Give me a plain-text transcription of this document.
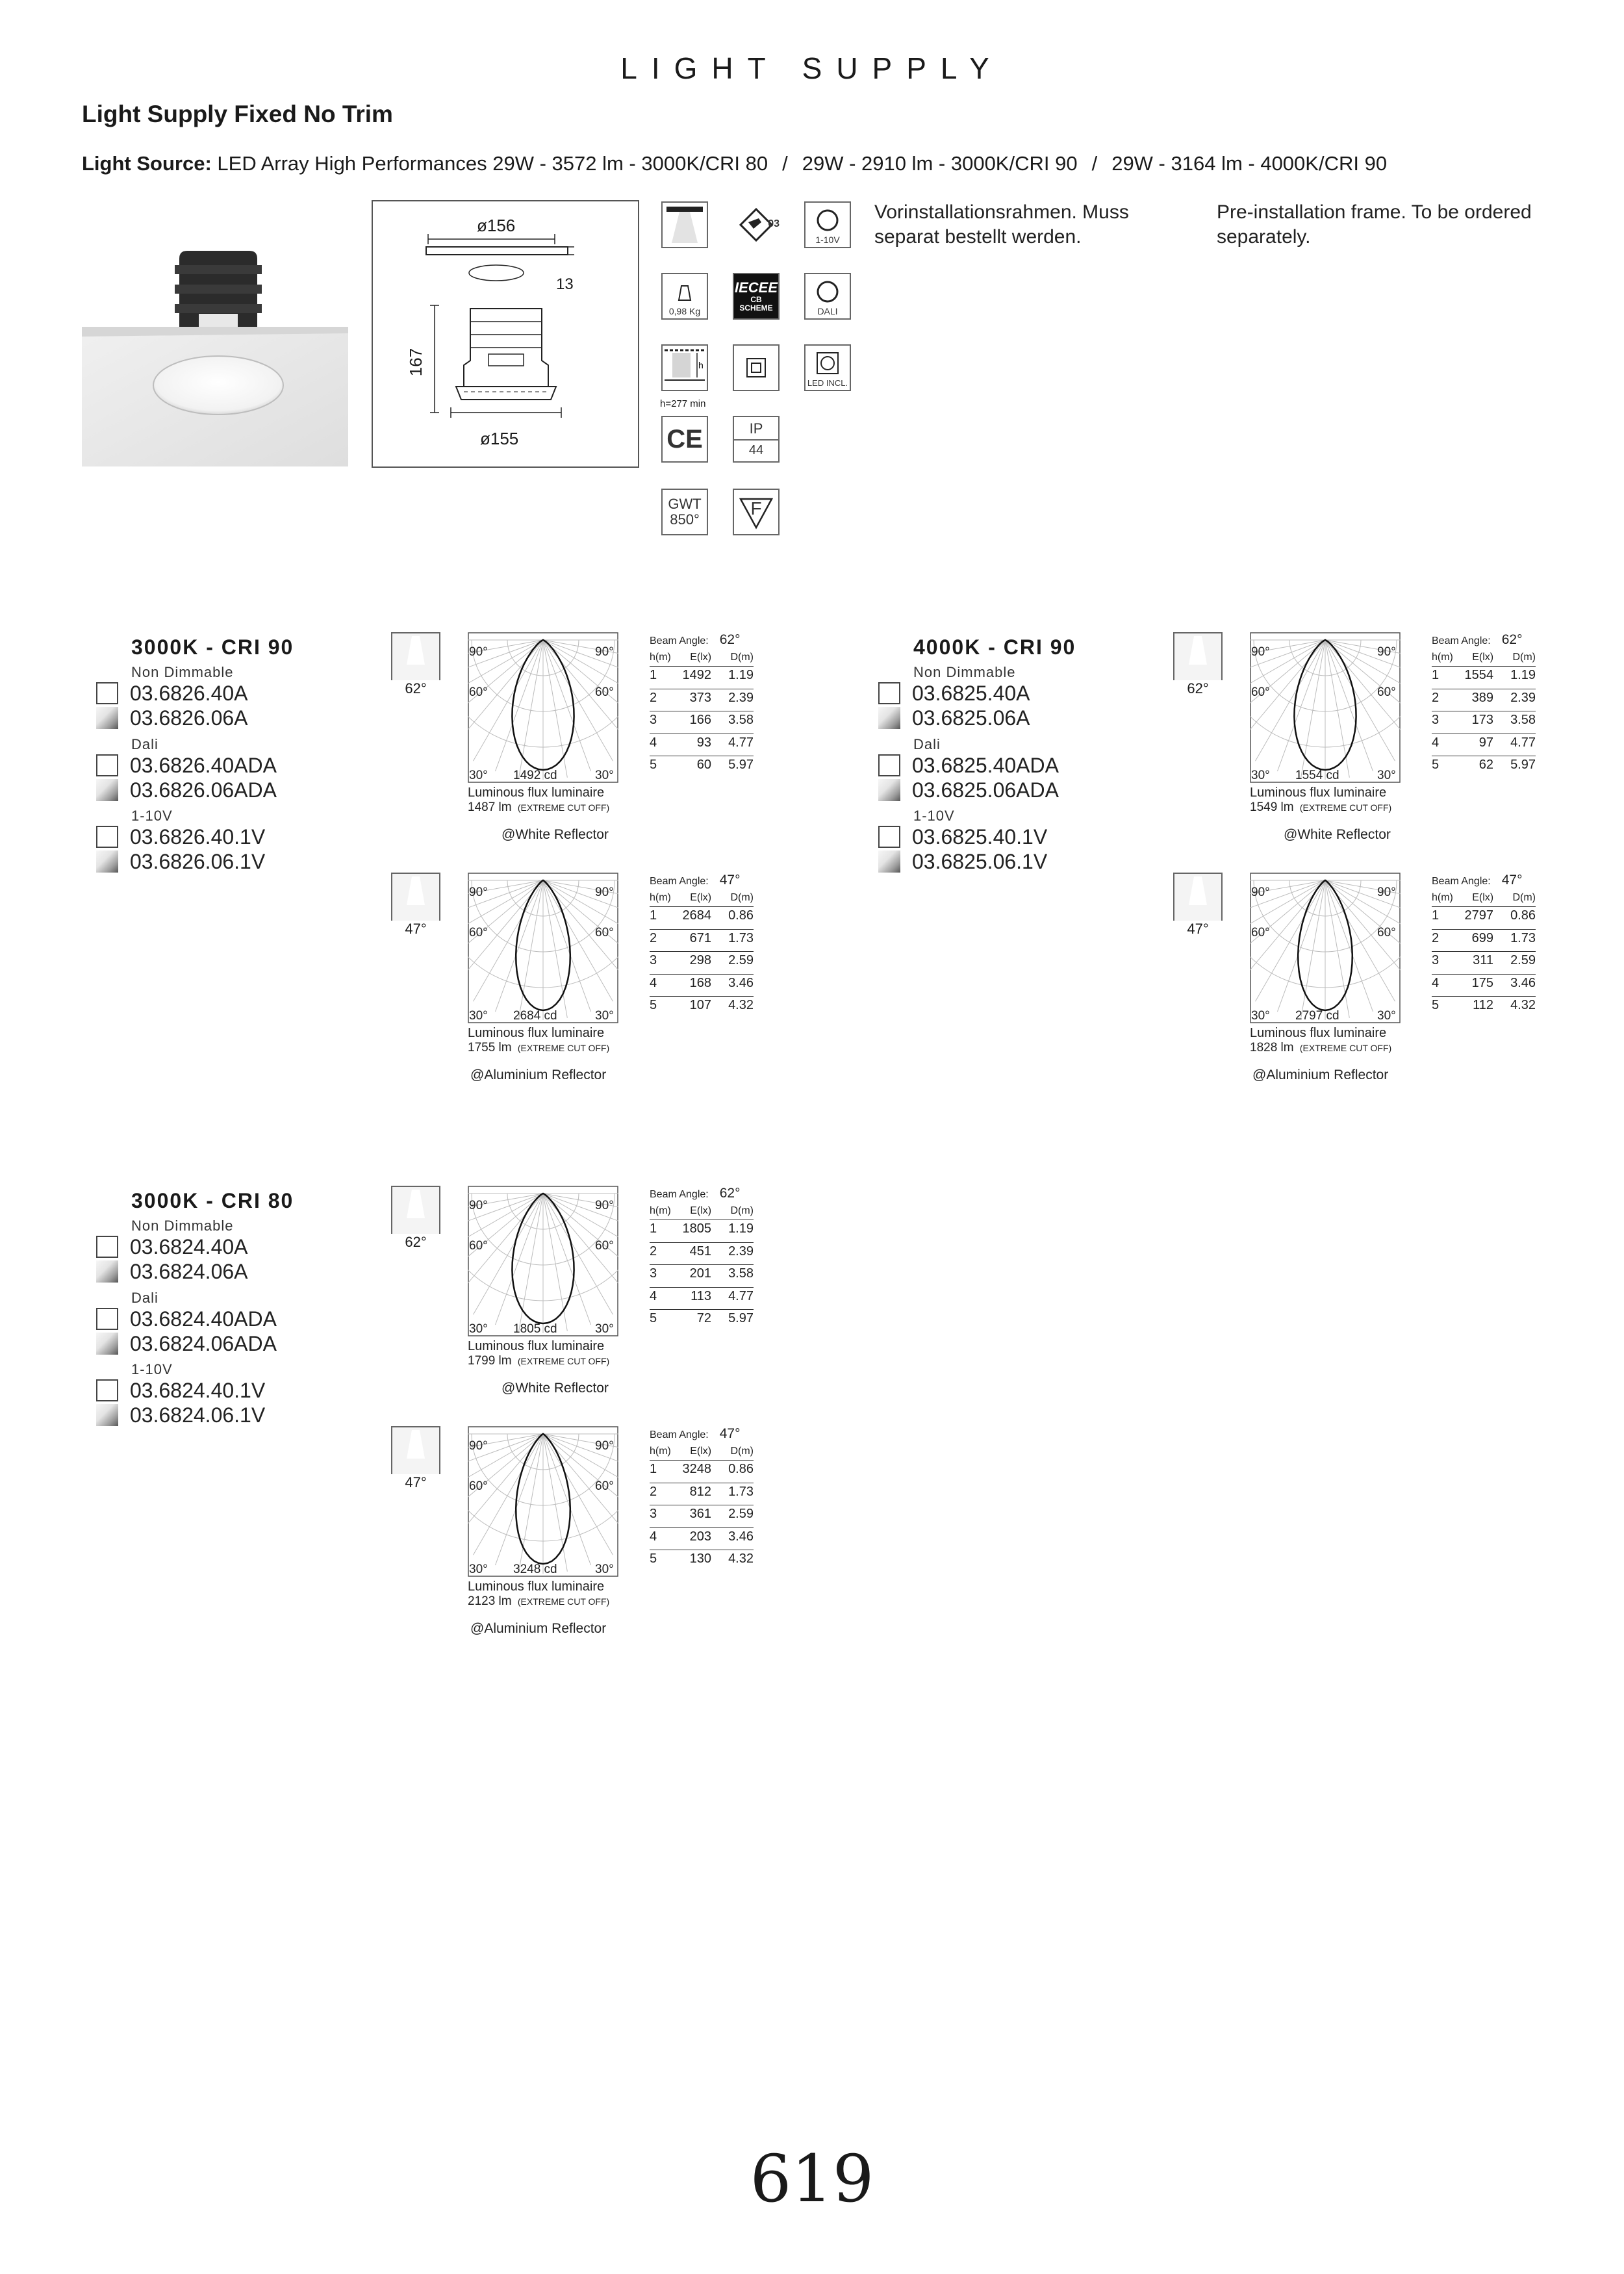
LIGHT SUPPLY
Light Supply Fixed No Trim
Light Source: LED Array High Performances 29W - 3572 lm - 3000K/CRI 80 / 29W - 2910 lm - 3000K/CRI 90 / 29W - 3164 lm - 4000K/CRI 90
ø156
13
167
ø155
03
1-10V
0,98 Kg
IECEE
CB SCHEME	DALI
h
h=277 min
LED INCL.
CE	IP
44
GWT
850°
F
Vorinstallationsrahmen. Muss
separat bestellt werden.
Pre-installation frame. To be ordered
separately.
3000K - CRI 90
Non Dimmable
03.6826.40A
03.6826.06A
Dali
03.6826.40ADA
03.6826.06ADA
1-10V
03.6826.40.1V
03.6826.06.1V
62°
90°	90°
60°	60°
30°	30°
1492 cd
Luminous flux luminaire
1487 lm (EXTREME CUT OFF)
@White Reflector
Beam Angle: 62°
h(m) E(lx) D(m)
1 1492 1.19
2	373 2.39
3	166 3.58
4	93 4.77
5	60 5.97
47°
90°	90°
60°	60°
30°	30°
2684 cd
Luminous flux luminaire
1755 lm (EXTREME CUT OFF)
@Aluminium Reflector
Beam Angle: 47°
h(m) E(lx) D(m)
1 2684 0.86
2	671 1.73
3	298 2.59
4	168 3.46
5	107 4.32
4000K - CRI 90
Non Dimmable
03.6825.40A
03.6825.06A
Dali
03.6825.40ADA
03.6825.06ADA
1-10V
03.6825.40.1V
03.6825.06.1V
62°
90°	90°
60°	60°
30°	30°
1554 cd
Luminous flux luminaire
1549 lm (EXTREME CUT OFF)
@White Reflector
Beam Angle: 62°
h(m) E(lx) D(m)
1 1554 1.19
2	389 2.39
3	173 3.58
4	97 4.77
5	62 5.97
47°
90°	90°
60°	60°
30°	30°
2797 cd
Luminous flux luminaire
1828 lm (EXTREME CUT OFF)
@Aluminium Reflector
Beam Angle: 47°
h(m) E(lx) D(m)
1 2797 0.86
2	699 1.73
3	311 2.59
4	175 3.46
5	112 4.32
3000K - CRI 80
Non Dimmable
03.6824.40A
03.6824.06A
Dali
03.6824.40ADA
03.6824.06ADA
1-10V
03.6824.40.1V
03.6824.06.1V
62°
90°	90°
60°	60°
30°	30°
1805 cd
Luminous flux luminaire
1799 lm (EXTREME CUT OFF)
@White Reflector
Beam Angle: 62°
h(m) E(lx) D(m)
1 1805 1.19
2	451 2.39
3	201 3.58
4	113 4.77
5	72 5.97
47°
90°	90°
60°	60°
30°	30°
3248 cd
Luminous flux luminaire
2123 lm (EXTREME CUT OFF)
@Aluminium Reflector
Beam Angle: 47°
h(m) E(lx) D(m)
1 3248 0.86
2	812 1.73
3	361 2.59
4	203 3.46
5	130 4.32
619
